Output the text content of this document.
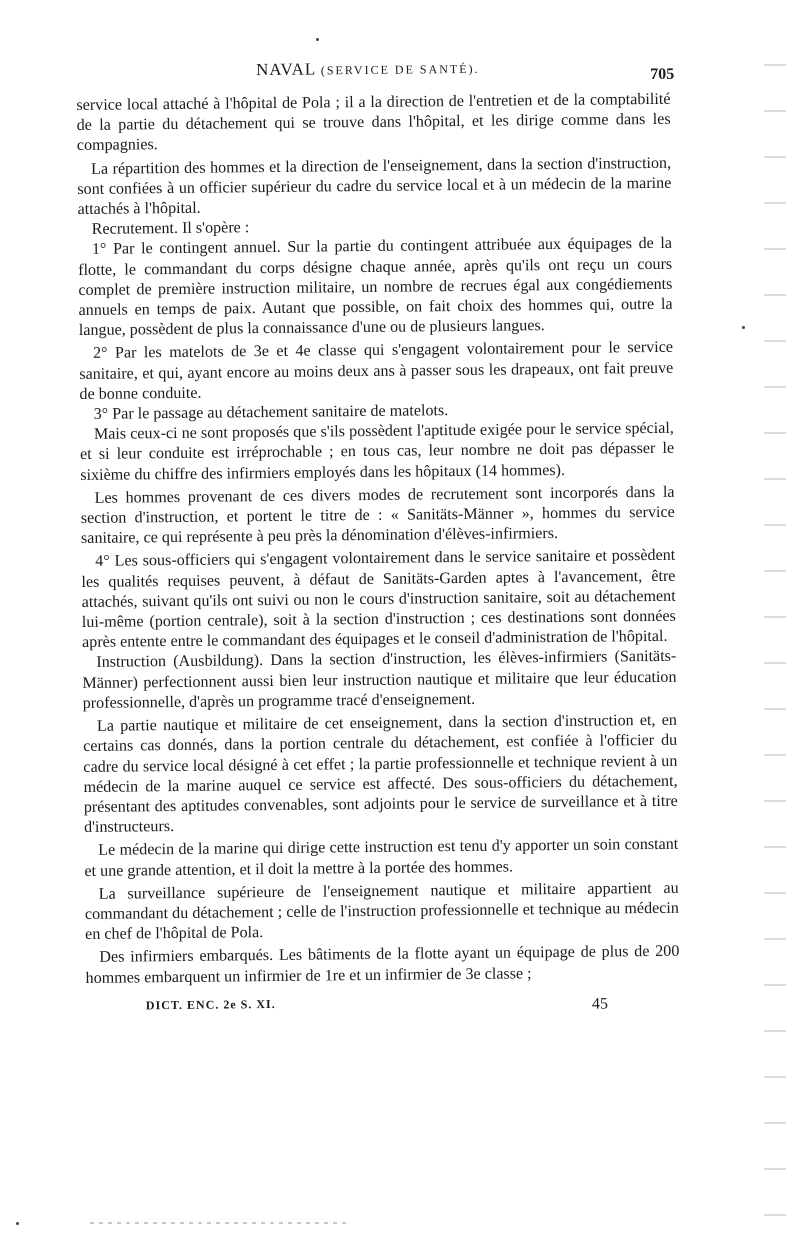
NAVAL (SERVICE DE SANTÉ).	705

service local attaché à l'hôpital de Pola ; il a la direction de l'entretien et de la comptabilité de la partie du détachement qui se trouve dans l'hôpital, et les dirige comme dans les compagnies.

La répartition des hommes et la direction de l'enseignement, dans la section d'instruction, sont confiées à un officier supérieur du cadre du service local et à un médecin de la marine attachés à l'hôpital.

Recrutement. Il s'opère :

1° Par le contingent annuel. Sur la partie du contingent attribuée aux équipages de la flotte, le commandant du corps désigne chaque année, après qu'ils ont reçu un cours complet de première instruction militaire, un nombre de recrues égal aux congédiements annuels en temps de paix. Autant que possible, on fait choix des hommes qui, outre la langue, possèdent de plus la connaissance d'une ou de plusieurs langues.

2° Par les matelots de 3e et 4e classe qui s'engagent volontairement pour le service sanitaire, et qui, ayant encore au moins deux ans à passer sous les drapeaux, ont fait preuve de bonne conduite.

3° Par le passage au détachement sanitaire de matelots.

Mais ceux-ci ne sont proposés que s'ils possèdent l'aptitude exigée pour le service spécial, et si leur conduite est irréprochable ; en tous cas, leur nombre ne doit pas dépasser le sixième du chiffre des infirmiers employés dans les hôpitaux (14 hommes).

Les hommes provenant de ces divers modes de recrutement sont incorporés dans la section d'instruction, et portent le titre de : « Sanitäts-Männer », hommes du service sanitaire, ce qui représente à peu près la dénomination d'élèves-infirmiers.

4° Les sous-officiers qui s'engagent volontairement dans le service sanitaire et possèdent les qualités requises peuvent, à défaut de Sanitäts-Garden aptes à l'avancement, être attachés, suivant qu'ils ont suivi ou non le cours d'instruction sanitaire, soit au détachement lui-même (portion centrale), soit à la section d'instruction ; ces destinations sont données après entente entre le commandant des équipages et le conseil d'administration de l'hôpital.

Instruction (Ausbildung). Dans la section d'instruction, les élèves-infirmiers (Sanitäts-Männer) perfectionnent aussi bien leur instruction nautique et militaire que leur éducation professionnelle, d'après un programme tracé d'enseignement.

La partie nautique et militaire de cet enseignement, dans la section d'instruction et, en certains cas donnés, dans la portion centrale du détachement, est confiée à l'officier du cadre du service local désigné à cet effet ; la partie professionnelle et technique revient à un médecin de la marine auquel ce service est affecté. Des sous-officiers du détachement, présentant des aptitudes convenables, sont adjoints pour le service de surveillance et à titre d'instructeurs.

Le médecin de la marine qui dirige cette instruction est tenu d'y apporter un soin constant et une grande attention, et il doit la mettre à la portée des hommes.

La surveillance supérieure de l'enseignement nautique et militaire appartient au commandant du détachement ; celle de l'instruction professionnelle et technique au médecin en chef de l'hôpital de Pola.

Des infirmiers embarqués. Les bâtiments de la flotte ayant un équipage de plus de 200 hommes embarquent un infirmier de 1re et un infirmier de 3e classe ;

DICT. ENC. 2e S. XI.	45
